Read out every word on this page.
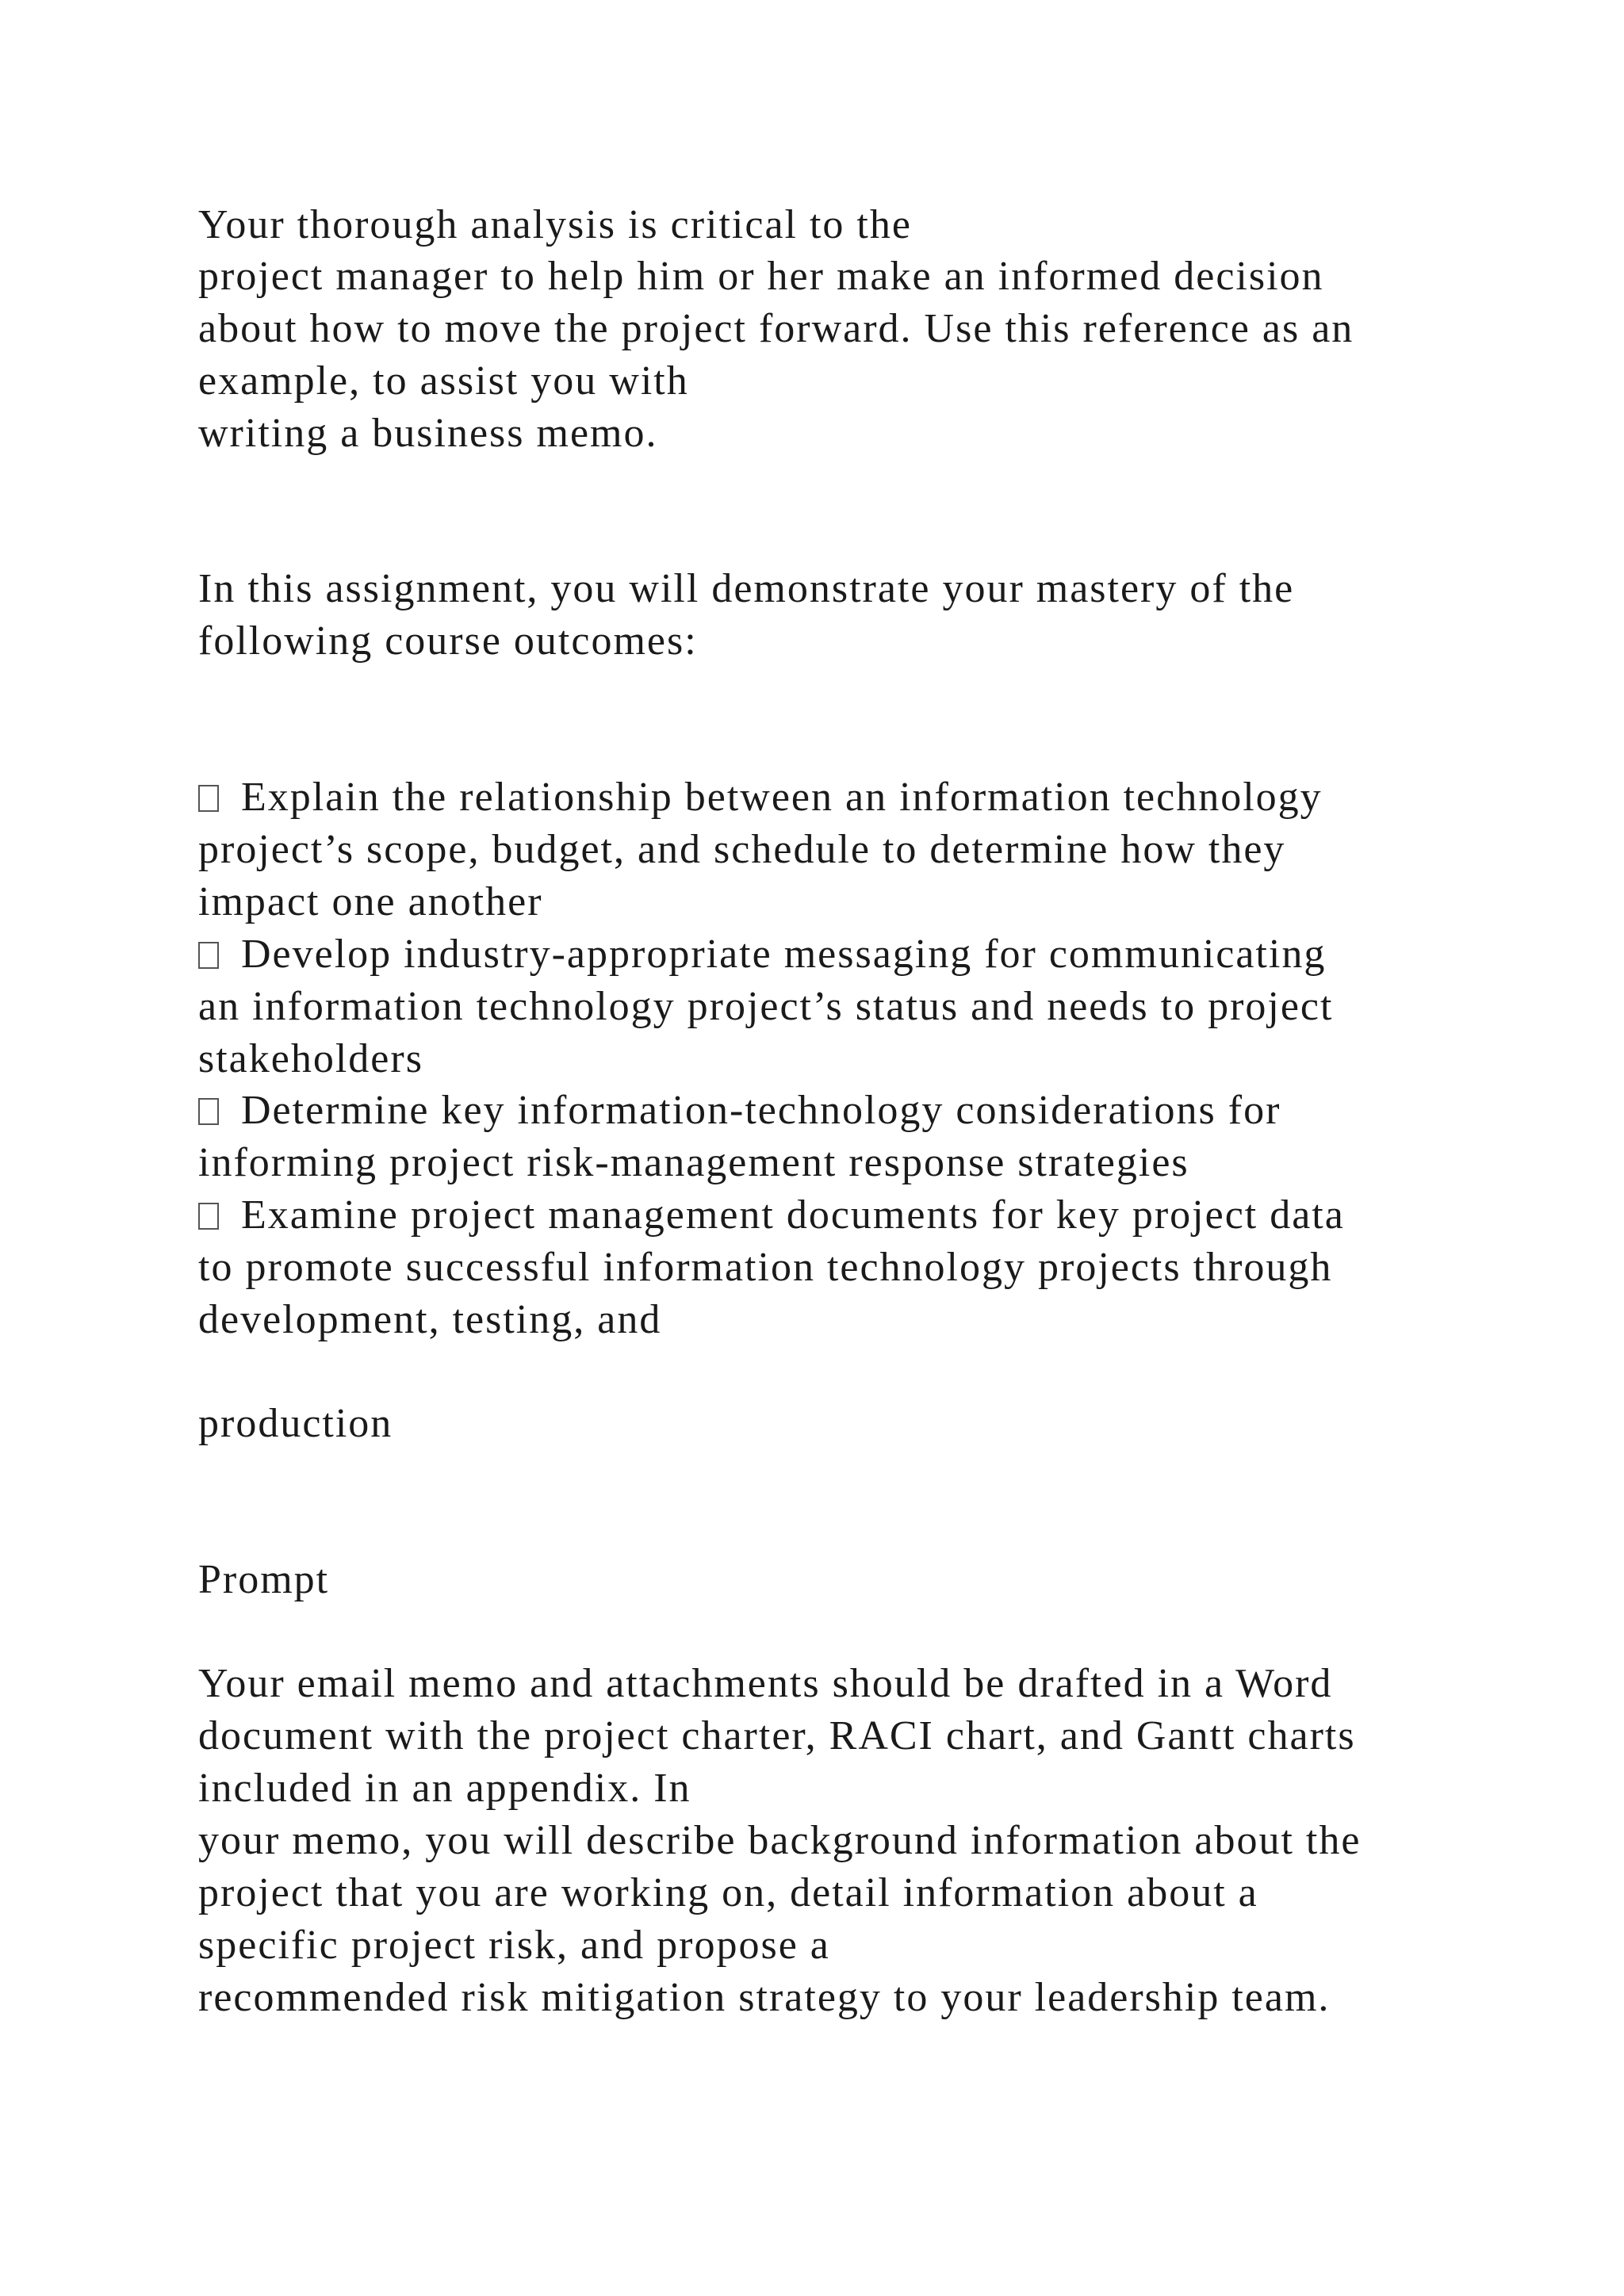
Your thorough analysis is critical to the
project manager to help him or her make an informed decision
about how to move the project forward. Use this reference as an
example, to assist you with
writing a business memo.
In this assignment, you will demonstrate your mastery of the
following course outcomes:
Explain the relationship between an information technology
project’s scope, budget, and schedule to determine how they
impact one another
Develop industry-appropriate messaging for communicating
an information technology project’s status and needs to project
stakeholders
Determine key information-technology considerations for
informing project risk-management response strategies
Examine project management documents for key project data
to promote successful information technology projects through
development, testing, and
production
Prompt
Your email memo and attachments should be drafted in a Word
document with the project charter, RACI chart, and Gantt charts
included in an appendix. In
your memo, you will describe background information about the
project that you are working on, detail information about a
specific project risk, and propose a
recommended risk mitigation strategy to your leadership team.
